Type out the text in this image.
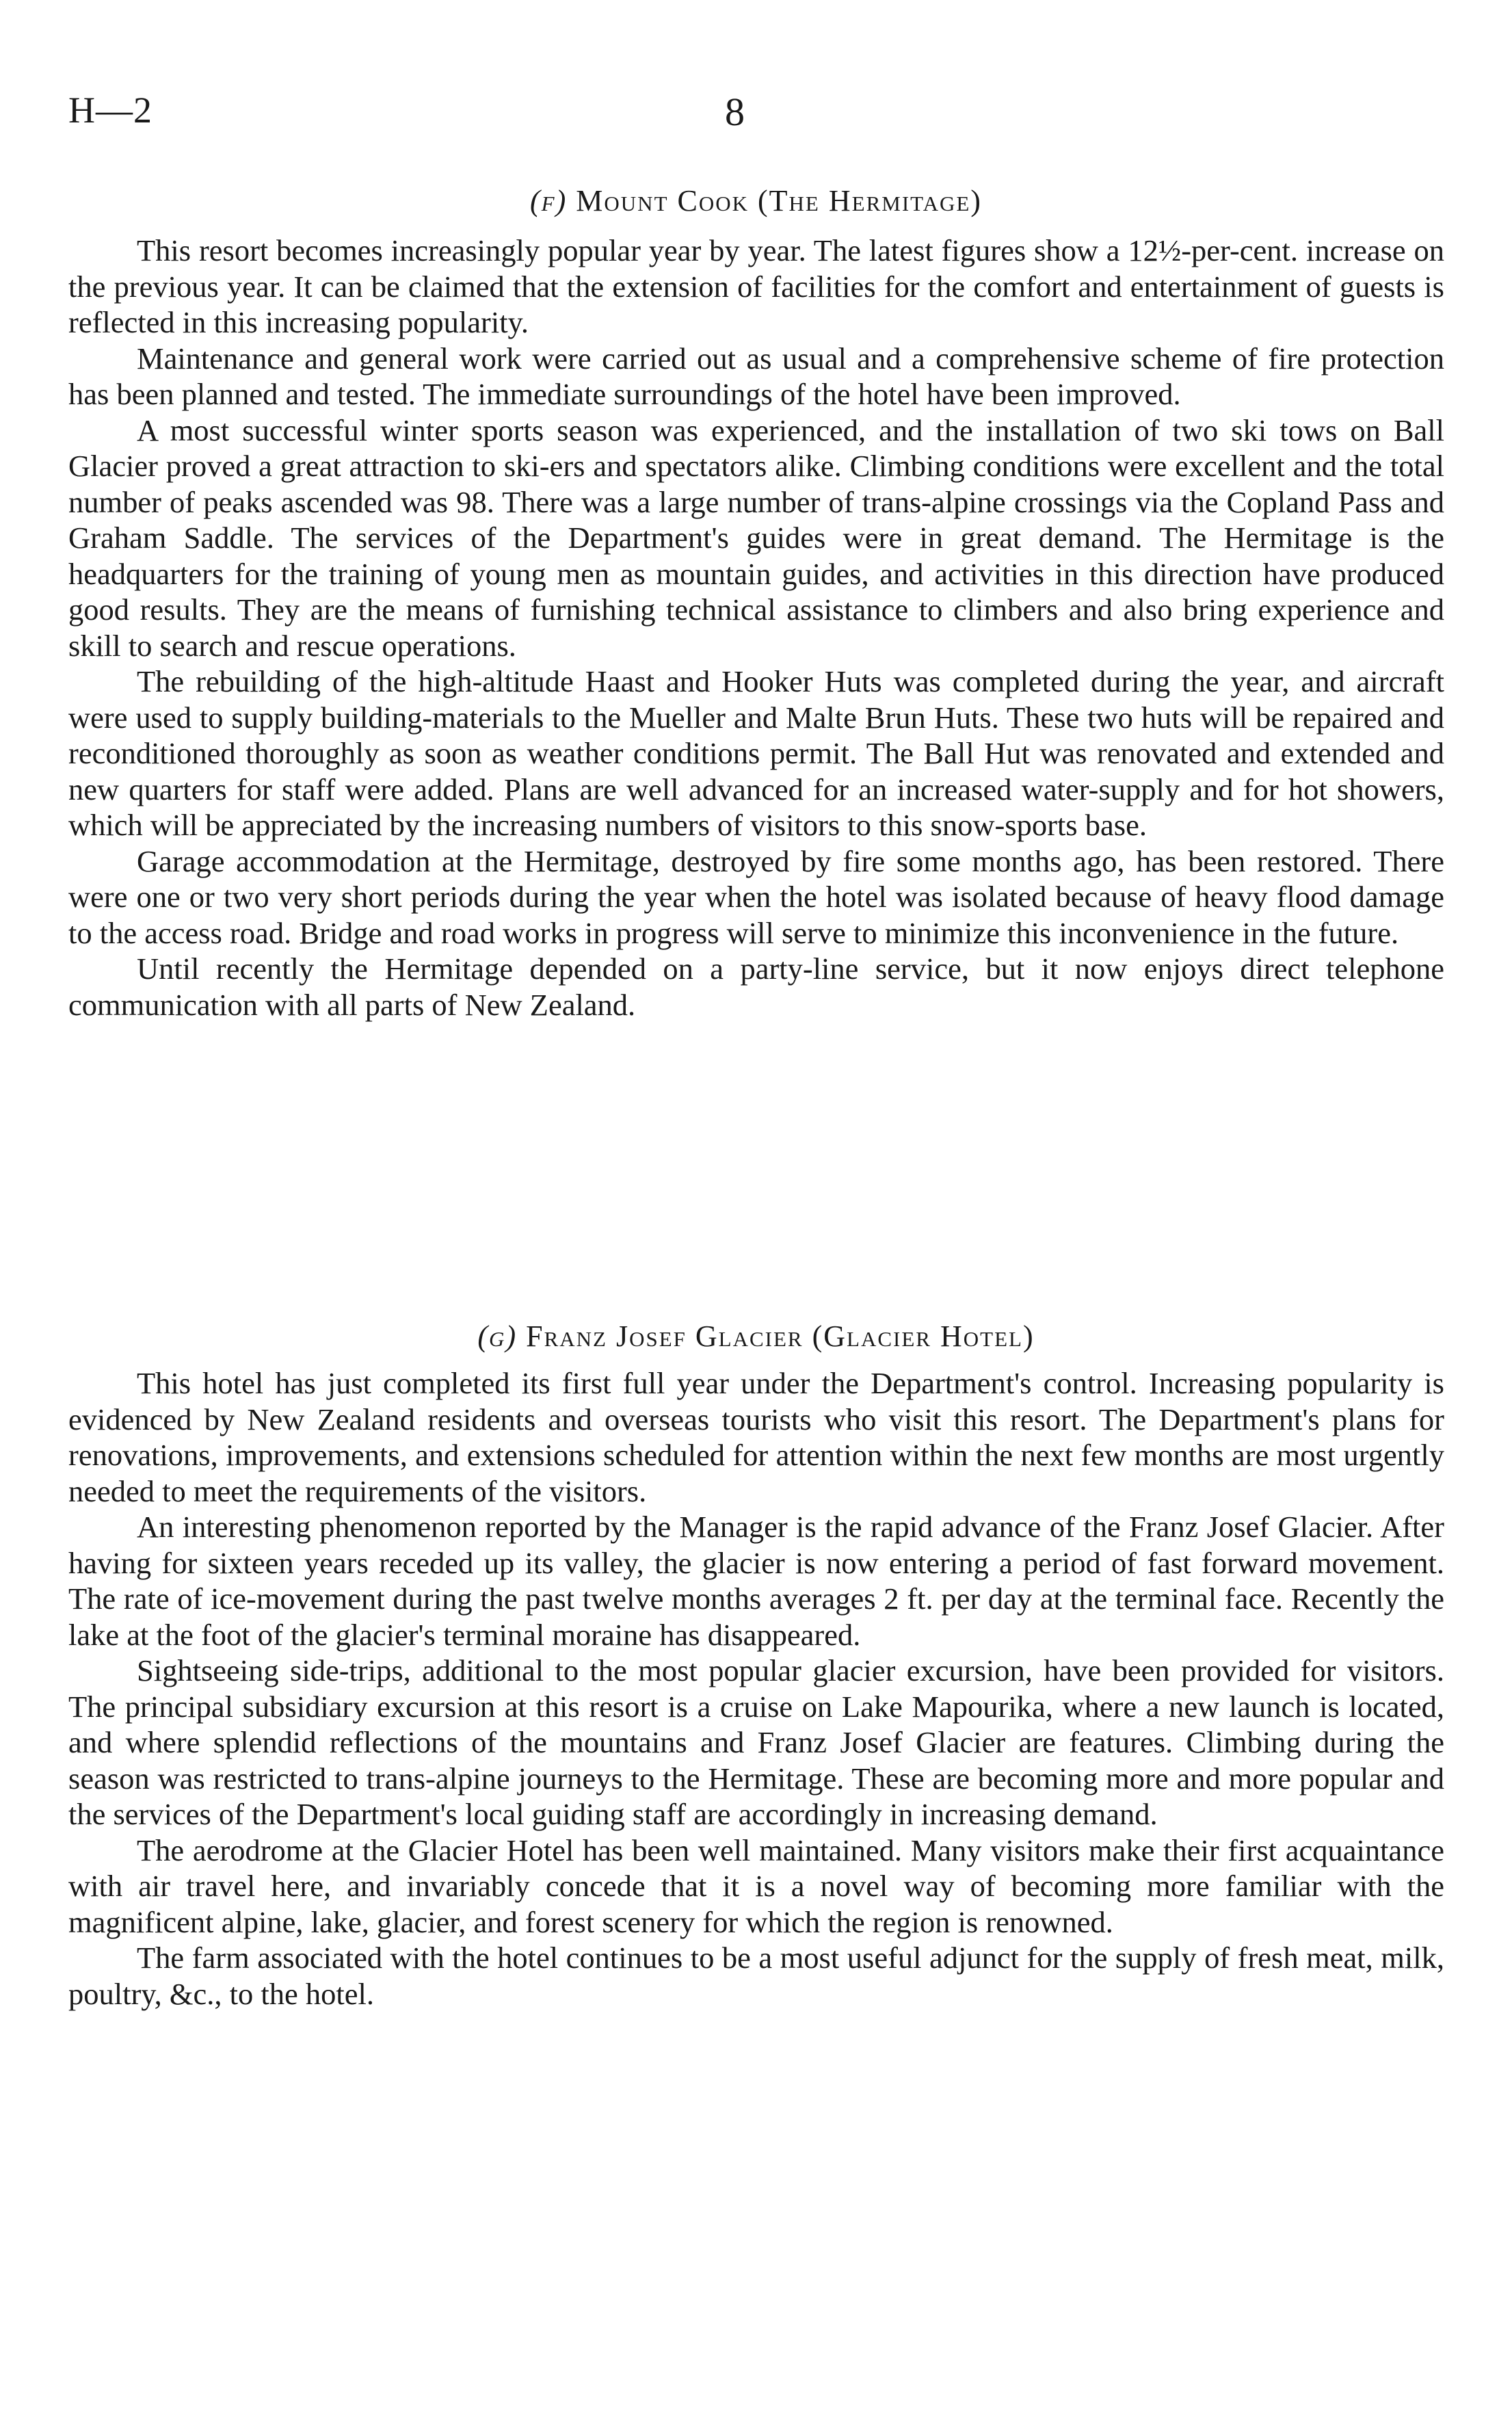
H—2	8
(f) Mount Cook (The Hermitage)

This resort becomes increasingly popular year by year. The latest figures show a 12½-per-cent. increase on the previous year. It can be claimed that the extension of facilities for the comfort and entertainment of guests is reflected in this increasing popularity.

Maintenance and general work were carried out as usual and a comprehensive scheme of fire protection has been planned and tested. The immediate surroundings of the hotel have been improved.

A most successful winter sports season was experienced, and the installation of two ski tows on Ball Glacier proved a great attraction to ski-ers and spectators alike. Climbing conditions were excellent and the total number of peaks ascended was 98. There was a large number of trans-alpine crossings via the Copland Pass and Graham Saddle. The services of the Department's guides were in great demand. The Hermitage is the headquarters for the training of young men as mountain guides, and activities in this direction have produced good results. They are the means of furnishing technical assistance to climbers and also bring experience and skill to search and rescue operations.

The rebuilding of the high-altitude Haast and Hooker Huts was completed during the year, and aircraft were used to supply building-materials to the Mueller and Malte Brun Huts. These two huts will be repaired and reconditioned thoroughly as soon as weather conditions permit. The Ball Hut was renovated and extended and new quarters for staff were added. Plans are well advanced for an increased water-supply and for hot showers, which will be appreciated by the increasing numbers of visitors to this snow-sports base.

Garage accommodation at the Hermitage, destroyed by fire some months ago, has been restored. There were one or two very short periods during the year when the hotel was isolated because of heavy flood damage to the access road. Bridge and road works in progress will serve to minimize this inconvenience in the future.

Until recently the Hermitage depended on a party-line service, but it now enjoys direct telephone communication with all parts of New Zealand.

(g) Franz Josef Glacier (Glacier Hotel)

This hotel has just completed its first full year under the Department's control. Increasing popularity is evidenced by New Zealand residents and overseas tourists who visit this resort. The Department's plans for renovations, improvements, and extensions scheduled for attention within the next few months are most urgently needed to meet the requirements of the visitors.

An interesting phenomenon reported by the Manager is the rapid advance of the Franz Josef Glacier. After having for sixteen years receded up its valley, the glacier is now entering a period of fast forward movement. The rate of ice-movement during the past twelve months averages 2 ft. per day at the terminal face. Recently the lake at the foot of the glacier's terminal moraine has disappeared.

Sightseeing side-trips, additional to the most popular glacier excursion, have been provided for visitors. The principal subsidiary excursion at this resort is a cruise on Lake Mapourika, where a new launch is located, and where splendid reflections of the mountains and Franz Josef Glacier are features. Climbing during the season was restricted to trans-alpine journeys to the Hermitage. These are becoming more and more popular and the services of the Department's local guiding staff are accordingly in increasing demand.

The aerodrome at the Glacier Hotel has been well maintained. Many visitors make their first acquaintance with air travel here, and invariably concede that it is a novel way of becoming more familiar with the magnificent alpine, lake, glacier, and forest scenery for which the region is renowned.

The farm associated with the hotel continues to be a most useful adjunct for the supply of fresh meat, milk, poultry, &c., to the hotel.
